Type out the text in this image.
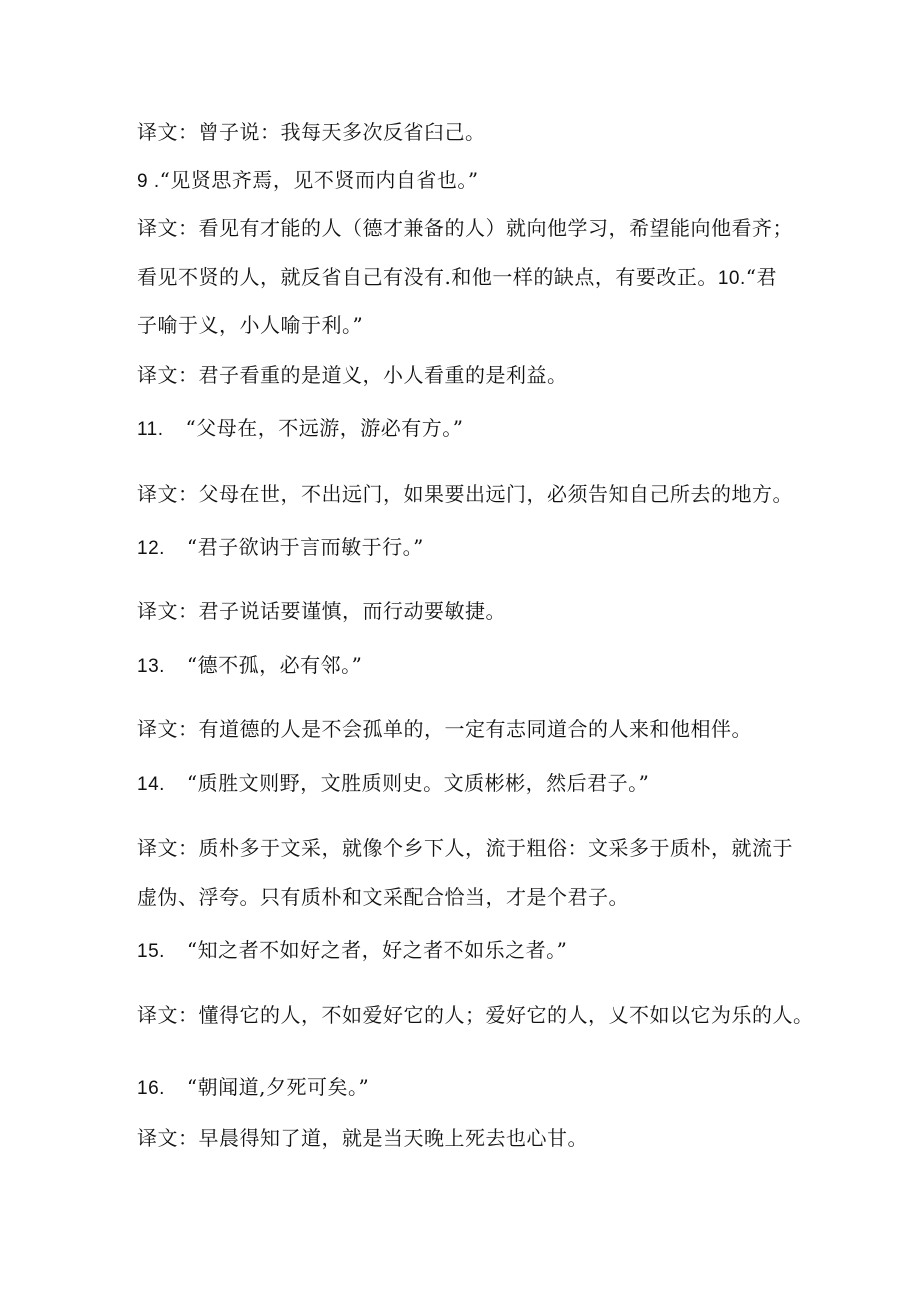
译文：曾子说：我每天多次反省臼己。
9 .“见贤思齐焉，见不贤而内自省也。”
译文：看见有才能的人（德才兼备的人）就向他学习，希望能向他看齐；
看见不贤的人，就反省自己有没有.和他一样的缺点，有要改正。10.“君
子喻于义，小人喻于利。”
译文：君子看重的是道义，小人看重的是利益。
11. “父母在，不远游，游必有方。”
译文：父母在世，不出远门，如果要出远门，必须告知自己所去的地方。
12. “君子欲讷于言而敏于行。”
译文：君子说话要谨慎，而行动要敏捷。
13. “德不孤，必有邻。”
译文：有道德的人是不会孤单的，一定有志同道合的人来和他相伴。
14. “质胜文则野，文胜质则史。文质彬彬，然后君子。”
译文：质朴多于文采，就像个乡下人，流于粗俗：文采多于质朴，就流于
虚伪、浮夸。只有质朴和文采配合恰当，才是个君子。
15. “知之者不如好之者，好之者不如乐之者。”
译文：懂得它的人，不如爱好它的人；爱好它的人，乂不如以它为乐的人。
16. “朝闻道,夕死可矣。”
译文：早晨得知了道，就是当天晚上死去也心甘。
